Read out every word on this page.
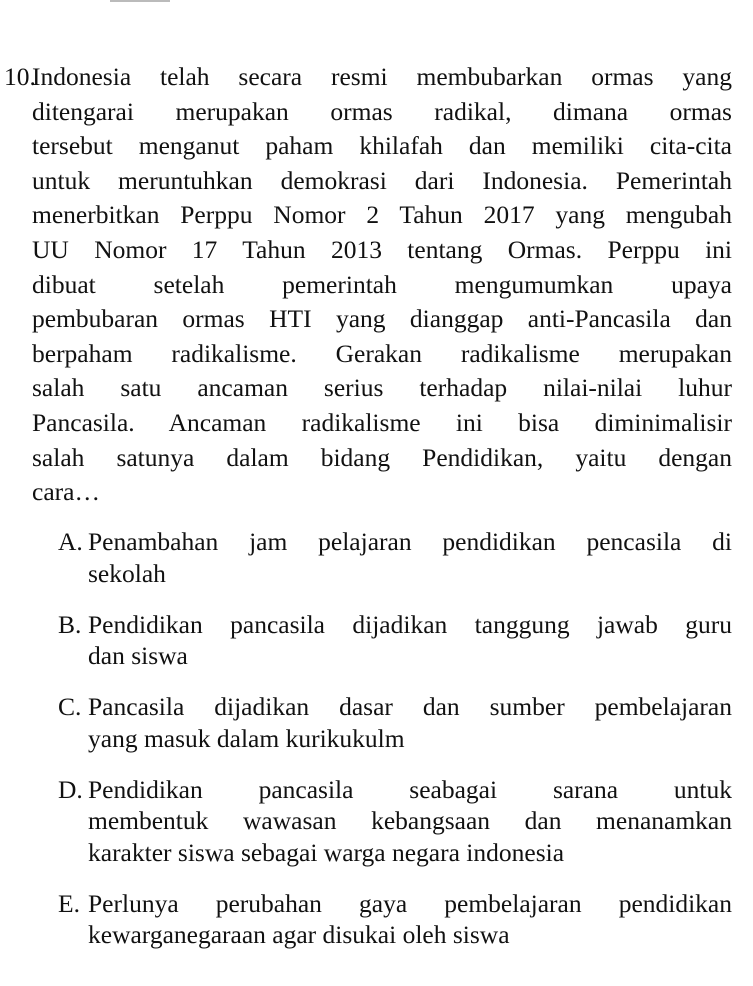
10.
Indonesia telah secara resmi membubarkan ormas yang
ditengarai merupakan ormas radikal, dimana ormas
tersebut menganut paham khilafah dan memiliki cita-cita
untuk meruntuhkan demokrasi dari Indonesia. Pemerintah
menerbitkan Perppu Nomor 2 Tahun 2017 yang mengubah
UU Nomor 17 Tahun 2013 tentang Ormas. Perppu ini
dibuat setelah pemerintah mengumumkan upaya
pembubaran ormas HTI yang dianggap anti-Pancasila dan
berpaham radikalisme. Gerakan radikalisme merupakan
salah satu ancaman serius terhadap nilai-nilai luhur
Pancasila. Ancaman radikalisme ini bisa diminimalisir
salah satunya dalam bidang Pendidikan, yaitu dengan
cara…
A. Penambahan jam pelajaran pendidikan pencasila di
sekolah
B. Pendidikan pancasila dijadikan tanggung jawab guru
dan siswa
C. Pancasila dijadikan dasar dan sumber pembelajaran
yang masuk dalam kurikukulm
D. Pendidikan pancasila seabagai sarana untuk
membentuk wawasan kebangsaan dan menanamkan
karakter siswa sebagai warga negara indonesia
E. Perlunya perubahan gaya pembelajaran pendidikan
kewarganegaraan agar disukai oleh siswa
